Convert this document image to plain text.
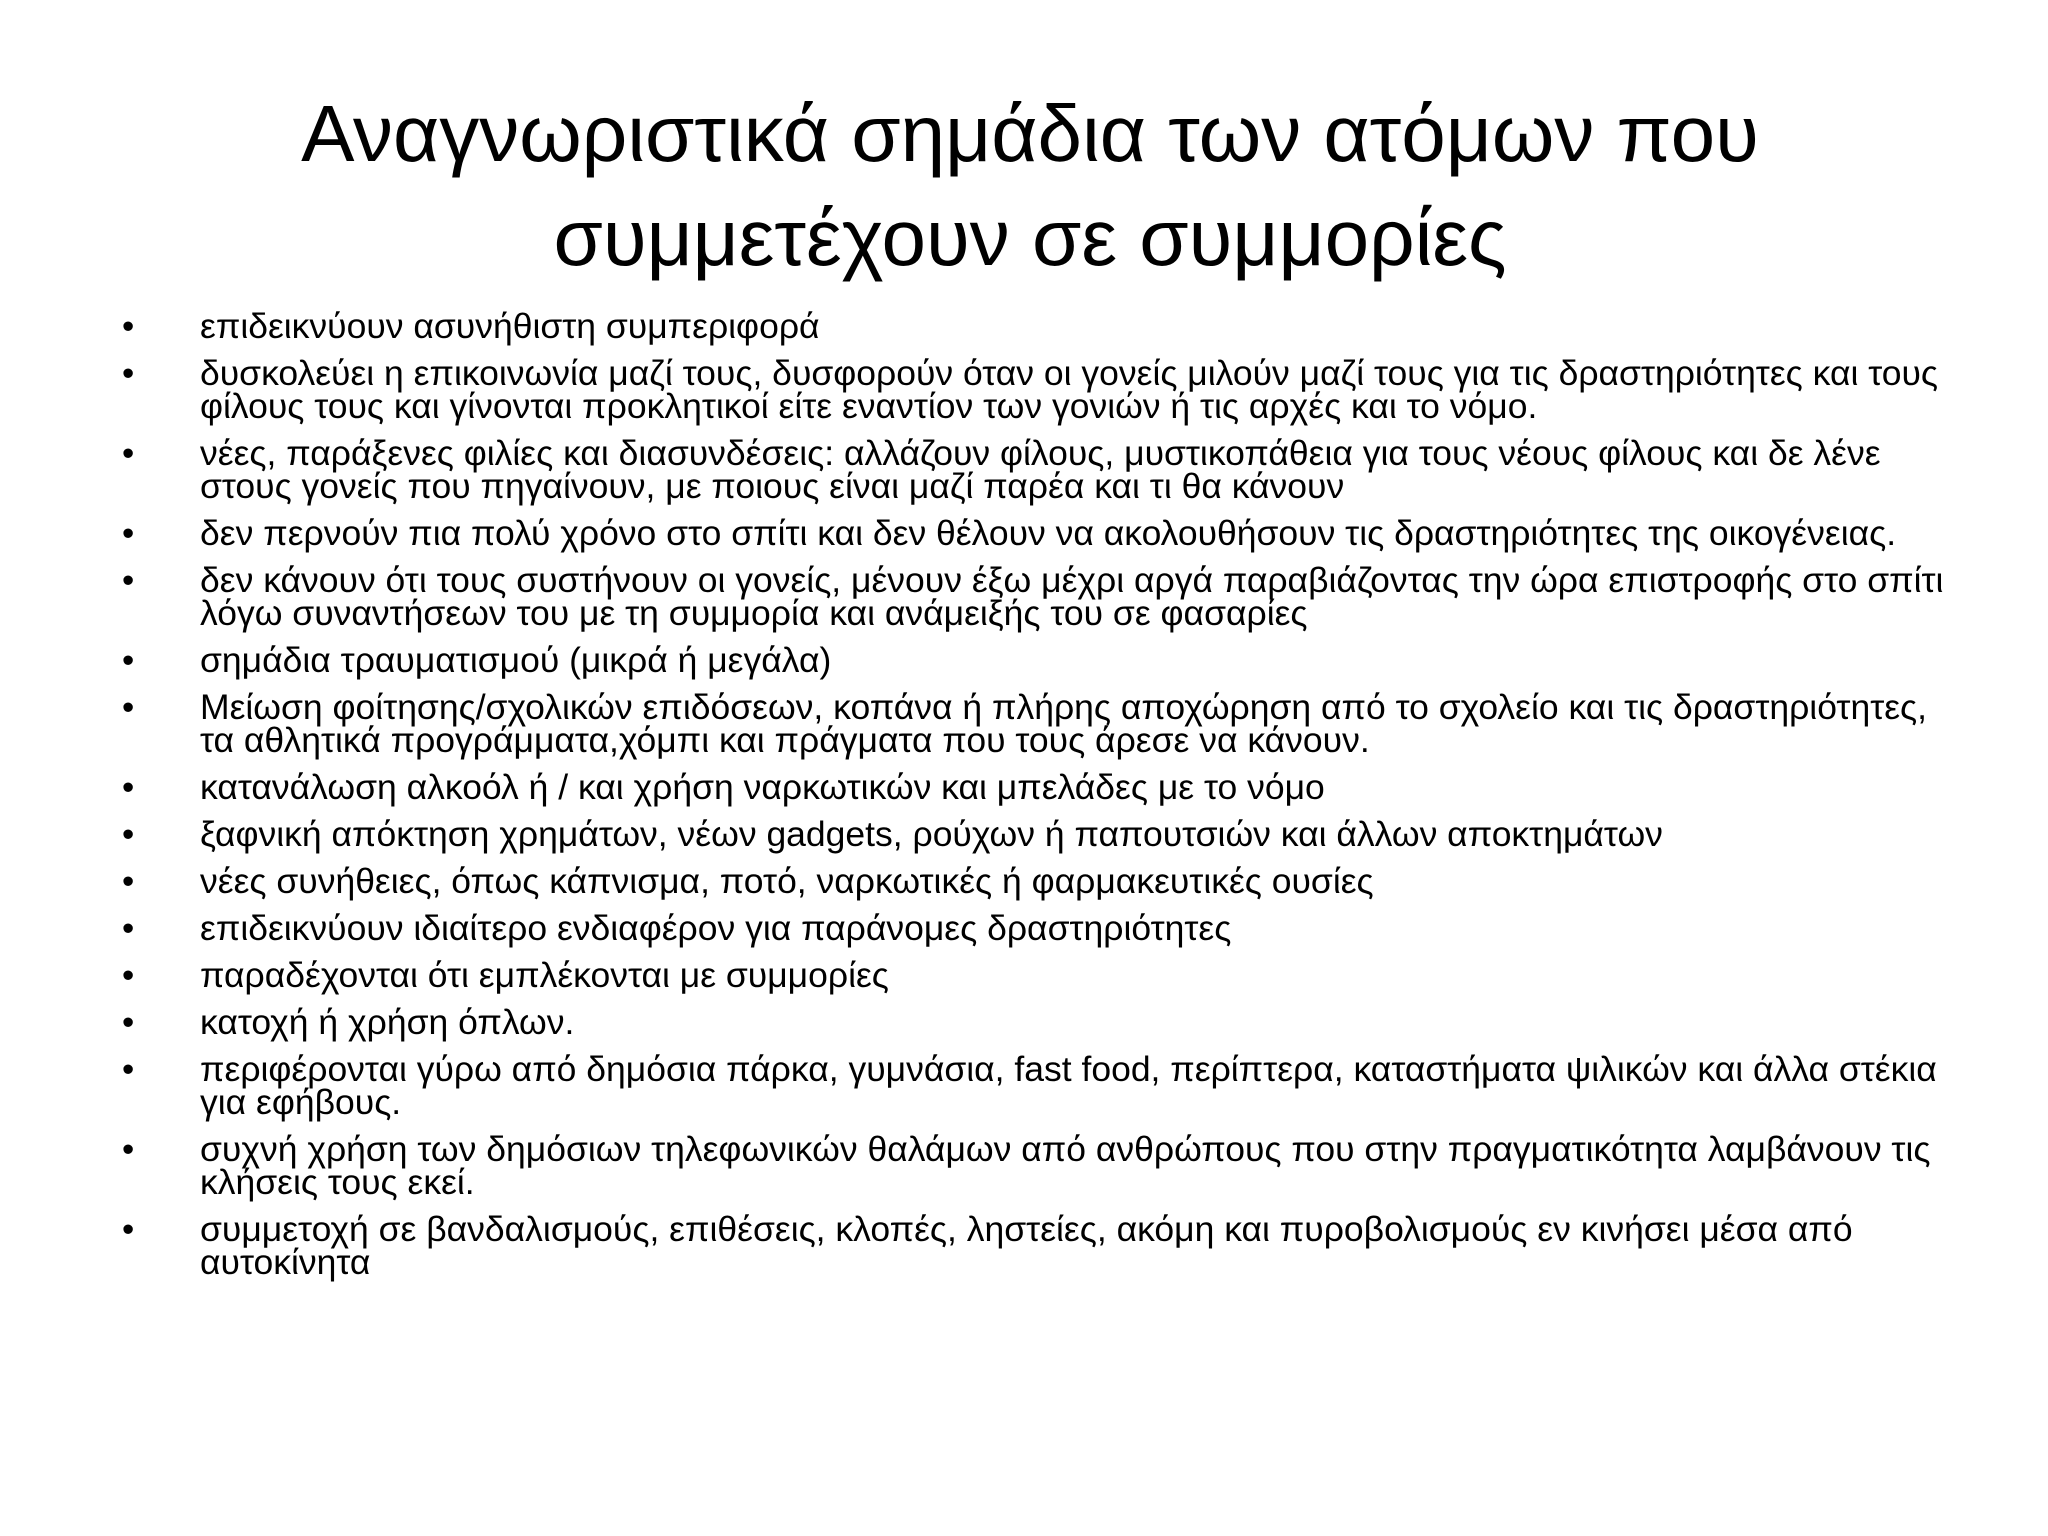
Αναγνωριστικά σημάδια των ατόμων που
συμμετέχουν σε συμμορίες
•	επιδεικνύουν ασυνήθιστη συμπεριφορά
•	δυσκολεύει η επικοινωνία μαζί τους, δυσφορούν όταν οι γονείς μιλούν μαζί τους για τις δραστηριότητες και τους φίλους τους και γίνονται προκλητικοί είτε εναντίον των γονιών ή τις αρχές και το νόμο.
•	νέες, παράξενες φιλίες και διασυνδέσεις: αλλάζουν φίλους, μυστικοπάθεια για τους νέους φίλους και δε λένε στους γονείς που πηγαίνουν, με ποιους είναι μαζί παρέα και τι θα κάνουν
•	δεν περνούν πια πολύ χρόνο στο σπίτι και δεν θέλουν να ακολουθήσουν τις δραστηριότητες της οικογένειας.
•	δεν κάνουν ότι τους συστήνουν οι γονείς, μένουν έξω μέχρι αργά παραβιάζοντας την ώρα επιστροφής στο σπίτι λόγω συναντήσεων του με τη συμμορία και ανάμειξής του σε φασαρίες
•	σημάδια τραυματισμού (μικρά ή μεγάλα)
•	Μείωση φοίτησης/σχολικών επιδόσεων, κοπάνα ή πλήρης αποχώρηση από το σχολείο και τις δραστηριότητες, τα αθλητικά προγράμματα,χόμπι και πράγματα που τους άρεσε να κάνουν.
•	κατανάλωση αλκοόλ ή / και χρήση ναρκωτικών και μπελάδες με το νόμο
•	ξαφνική απόκτηση χρημάτων, νέων gadgets, ρούχων ή παπουτσιών και άλλων αποκτημάτων
•	νέες συνήθειες, όπως κάπνισμα, ποτό, ναρκωτικές ή φαρμακευτικές ουσίες
•	επιδεικνύουν ιδιαίτερο ενδιαφέρον για παράνομες δραστηριότητες
•	παραδέχονται ότι εμπλέκονται με συμμορίες
•	κατοχή ή χρήση όπλων.
•	περιφέρονται γύρω από δημόσια πάρκα, γυμνάσια, fast food, περίπτερα, καταστήματα ψιλικών και άλλα στέκια για εφήβους.
•	συχνή χρήση των δημόσιων τηλεφωνικών θαλάμων από ανθρώπους που στην πραγματικότητα λαμβάνουν τις κλήσεις τους εκεί.
•	συμμετοχή σε βανδαλισμούς, επιθέσεις, κλοπές, ληστείες, ακόμη και πυροβολισμούς εν κινήσει μέσα από αυτοκίνητα
